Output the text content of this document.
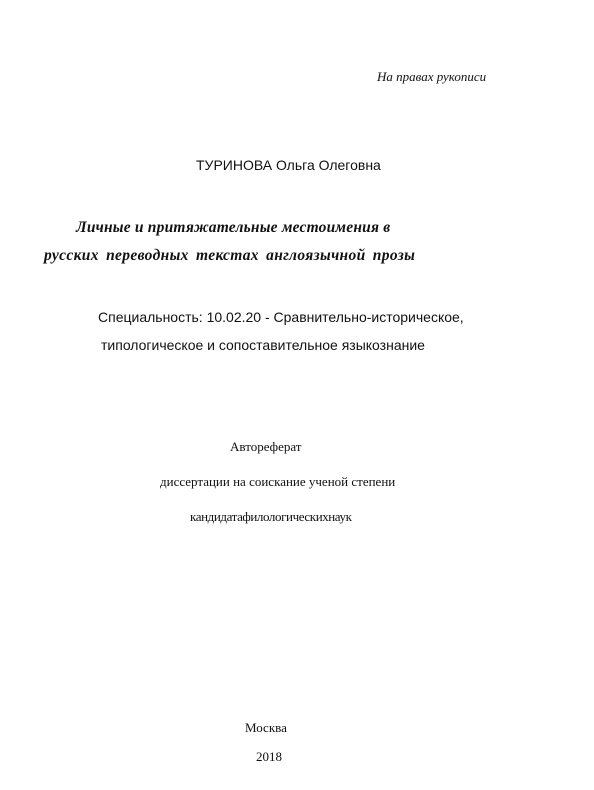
На правах рукописи
ТУРИНОВА Ольга Олеговна
Личные и притяжательные местоимения в
русских переводных текстах англоязычной прозы
Специальность: 10.02.20 - Сравнительно-историческое,
типологическое и сопоставительное языкознание
Автореферат
диссертации на соискание ученой степени
кандидата филологических наук
Москва
2018
